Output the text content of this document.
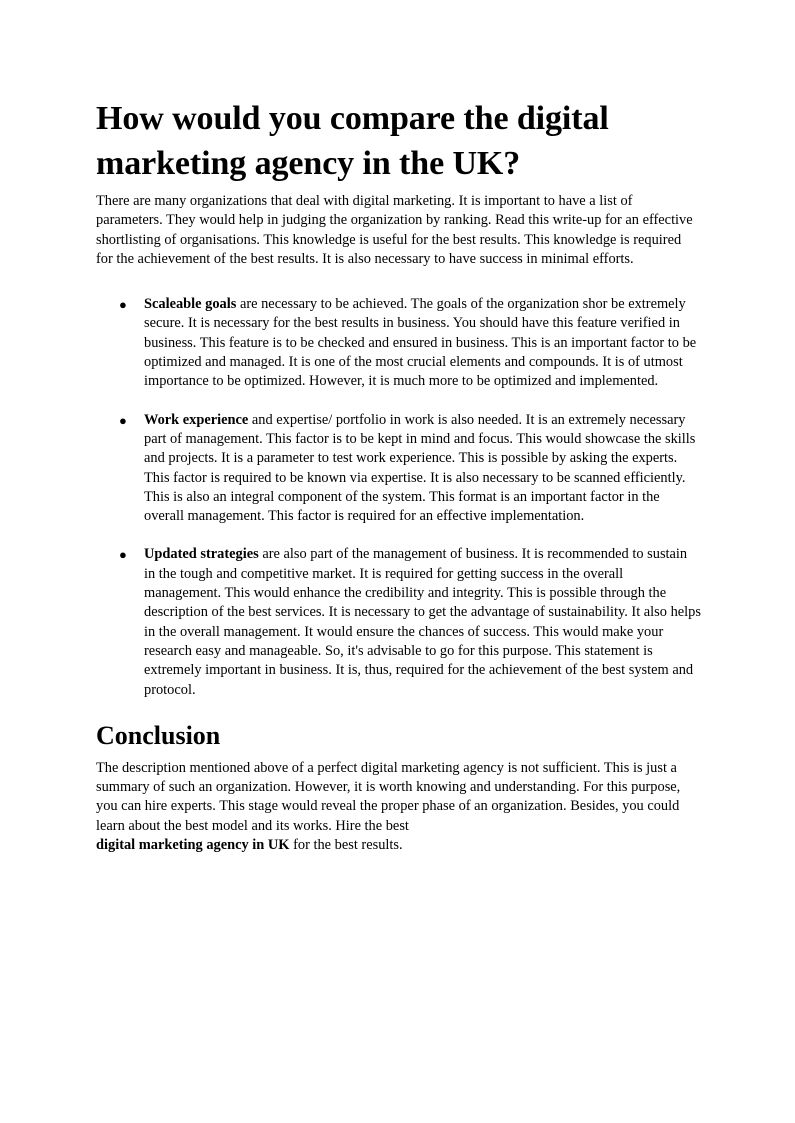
How would you compare the digital marketing agency in the UK?

There are many organizations that deal with digital marketing. It is important to have a list of parameters. They would help in judging the organization by ranking. Read this write-up for an effective shortlisting of organisations. This knowledge is useful for the best results. This knowledge is required for the achievement of the best results. It is also necessary to have success in minimal efforts.

● Scaleable goals are necessary to be achieved. The goals of the organization shor be extremely secure. It is necessary for the best results in business. You should have this feature verified in business. This feature is to be checked and ensured in business. This is an important factor to be optimized and managed. It is one of the most crucial elements and compounds. It is of utmost importance to be optimized. However, it is much more to be optimized and implemented.
● Work experience and expertise/ portfolio in work is also needed. It is an extremely necessary part of management. This factor is to be kept in mind and focus. This would showcase the skills and projects. It is a parameter to test work experience. This is possible by asking the experts. This factor is required to be known via expertise. It is also necessary to be scanned efficiently. This is also an integral component of the system. This format is an important factor in the overall management. This factor is required for an effective implementation.
● Updated strategies are also part of the management of business. It is recommended to sustain in the tough and competitive market. It is required for getting success in the overall management. This would enhance the credibility and integrity. This is possible through the description of the best services. It is necessary to get the advantage of sustainability. It also helps in the overall management. It would ensure the chances of success. This would make your research easy and manageable. So, it's advisable to go for this purpose. This statement is extremely important in business. It is, thus, required for the achievement of the best system and protocol.
Conclusion

The description mentioned above of a perfect digital marketing agency is not sufficient. This is just a summary of such an organization. However, it is worth knowing and understanding. For this purpose, you can hire experts. This stage would reveal the proper phase of an organization. Besides, you could learn about the best model and its works. Hire the best
digital marketing agency in UK for the best results.
